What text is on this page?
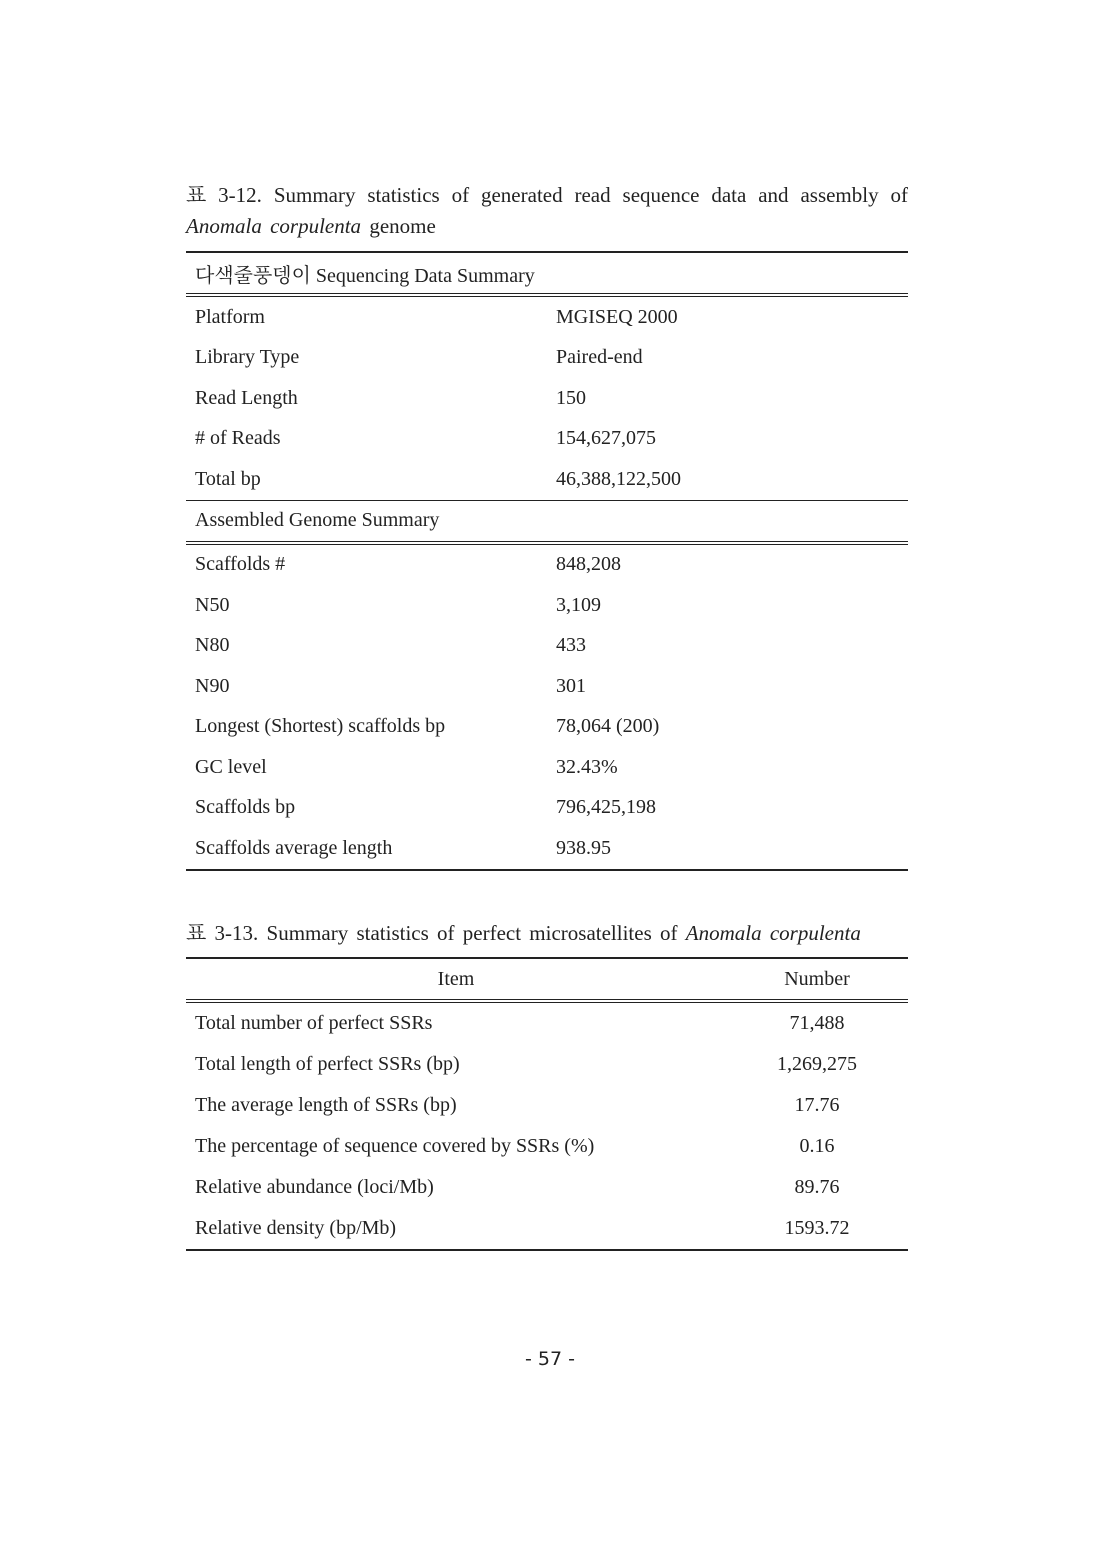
표 3-12. Summary statistics of generated read sequence data and assembly of Anomala corpulenta genome
다색줄풍뎅이 Sequencing Data Summary	
Platform	MGISEQ 2000
Library Type	Paired-end
Read Length	150
# of Reads	154,627,075
Total bp	46,388,122,500
Assembled Genome Summary	
Scaffolds #	848,208
N50	3,109
N80	433
N90	301
Longest (Shortest) scaffolds bp	78,064 (200)
GC level	32.43%
Scaffolds bp	796,425,198
Scaffolds average length	938.95
표 3-13. Summary statistics of perfect microsatellites of Anomala corpulenta
Item	Number
Total number of perfect SSRs	71,488
Total length of perfect SSRs (bp)	1,269,275
The average length of SSRs (bp)	17.76
The percentage of sequence covered by SSRs (%)	0.16
Relative abundance (loci/Mb)	89.76
Relative density (bp/Mb)	1593.72
- 57 -
